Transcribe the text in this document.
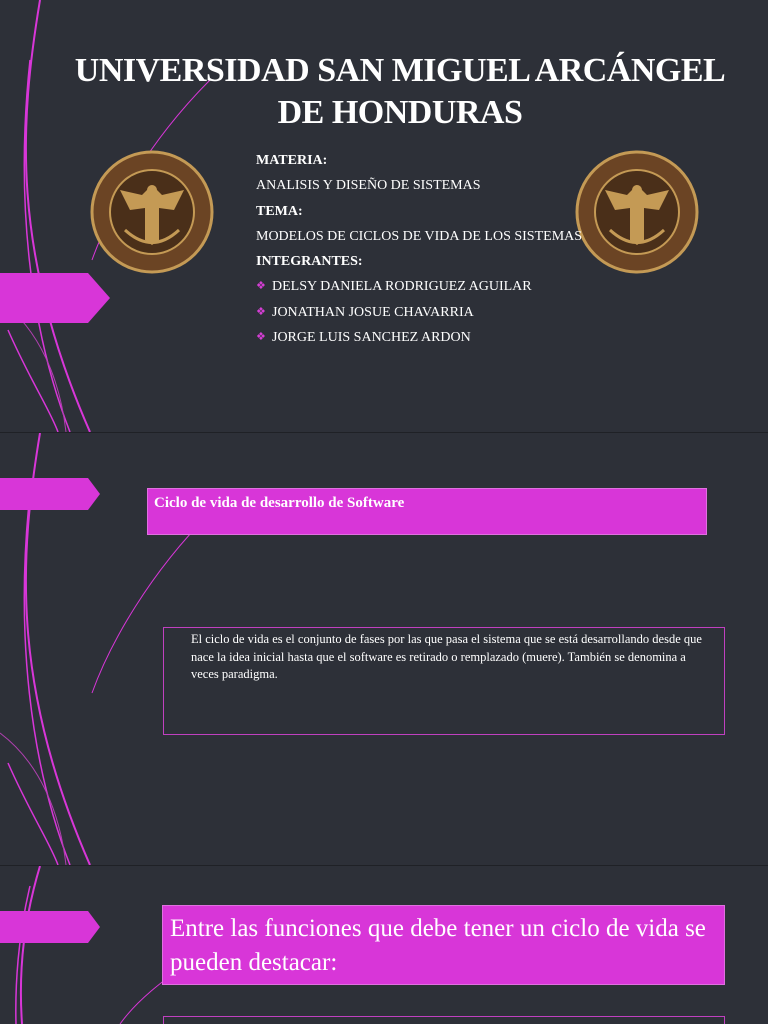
UNIVERSIDAD SAN MIGUEL ARCÁNGEL
DE HONDURAS
MATERIA:
ANALISIS Y DISEÑO DE SISTEMAS
TEMA:
MODELOS DE CICLOS DE VIDA DE LOS SISTEMAS
INTEGRANTES:
❖ DELSY DANIELA RODRIGUEZ AGUILAR
❖ JONATHAN JOSUE CHAVARRIA
❖ JORGE LUIS SANCHEZ ARDON
Ciclo de vida de desarrollo de Software
El ciclo de vida es el conjunto de fases por las que pasa el sistema que se está desarrollando desde que nace la idea inicial hasta que el software es retirado o remplazado (muere). También se denomina a veces paradigma.
Entre las funciones que debe tener un ciclo de vida se pueden destacar:
